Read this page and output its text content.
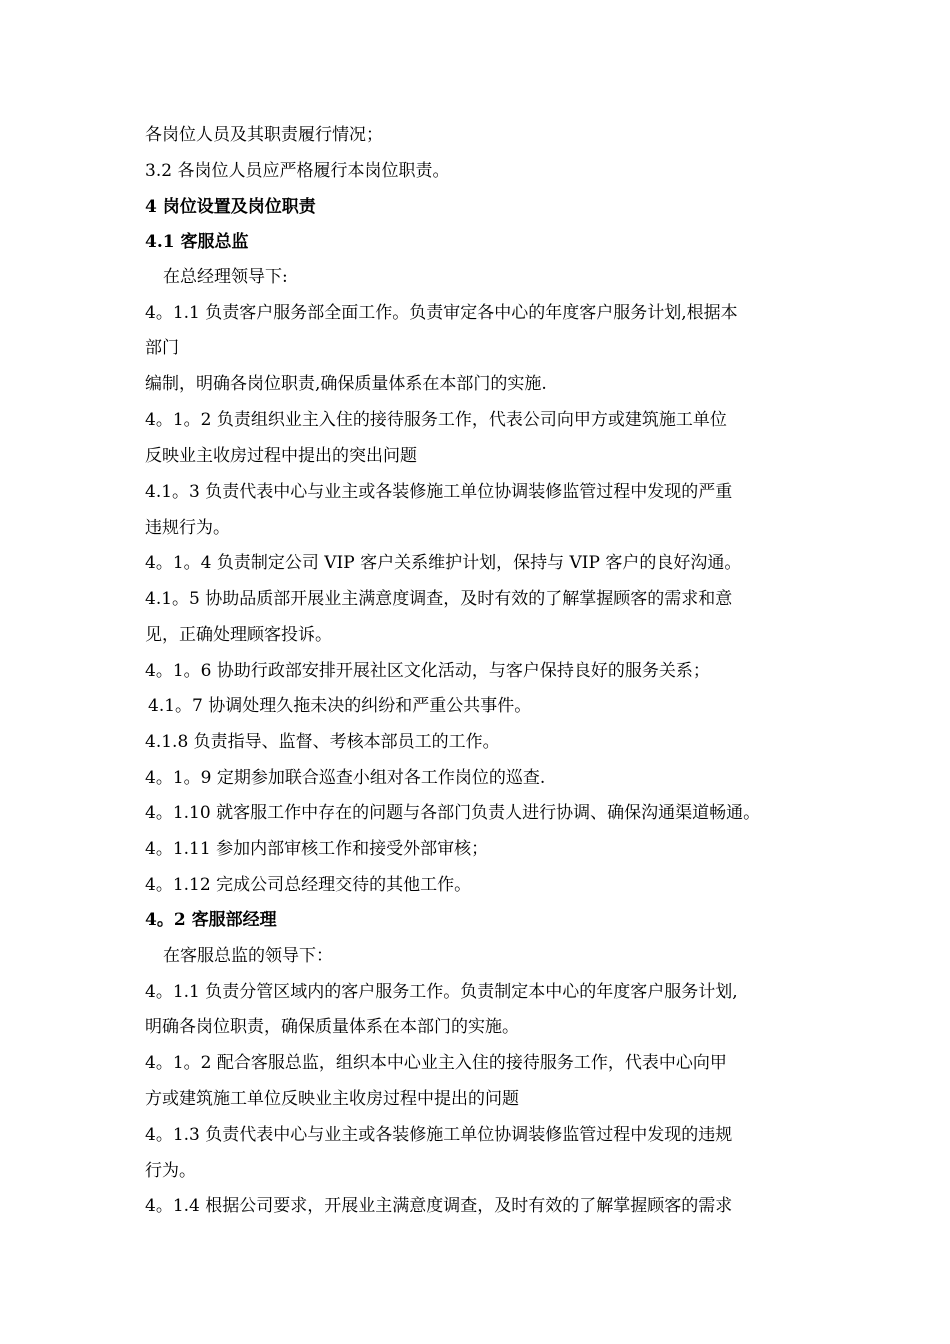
各岗位人员及其职责履行情况；
3.2 各岗位人员应严格履行本岗位职责。
4 岗位设置及岗位职责
4.1 客服总监
在总经理领导下:
4。1.1 负责客户服务部全面工作。负责审定各中心的年度客户服务计划,根据本
部门
编制，明确各岗位职责,确保质量体系在本部门的实施.
4。1。2 负责组织业主入住的接待服务工作，代表公司向甲方或建筑施工单位
反映业主收房过程中提出的突出问题
4.1。3 负责代表中心与业主或各装修施工单位协调装修监管过程中发现的严重
违规行为。
4。1。4 负责制定公司 VIP 客户关系维护计划，保持与 VIP 客户的良好沟通。
4.1。5 协助品质部开展业主满意度调查，及时有效的了解掌握顾客的需求和意
见，正确处理顾客投诉。
4。1。6 协助行政部安排开展社区文化活动，与客户保持良好的服务关系；
4.1。7 协调处理久拖未决的纠纷和严重公共事件。
4.1.8 负责指导、监督、考核本部员工的工作。
4。1。9 定期参加联合巡查小组对各工作岗位的巡查.
4。1.10 就客服工作中存在的问题与各部门负责人进行协调、确保沟通渠道畅通。
4。1.11 参加内部审核工作和接受外部审核；
4。1.12 完成公司总经理交待的其他工作。
4。2 客服部经理
在客服总监的领导下：
4。1.1 负责分管区域内的客户服务工作。负责制定本中心的年度客户服务计划,
明确各岗位职责，确保质量体系在本部门的实施。
4。1。2 配合客服总监，组织本中心业主入住的接待服务工作，代表中心向甲
方或建筑施工单位反映业主收房过程中提出的问题
4。1.3 负责代表中心与业主或各装修施工单位协调装修监管过程中发现的违规
行为。
4。1.4 根据公司要求，开展业主满意度调查，及时有效的了解掌握顾客的需求
